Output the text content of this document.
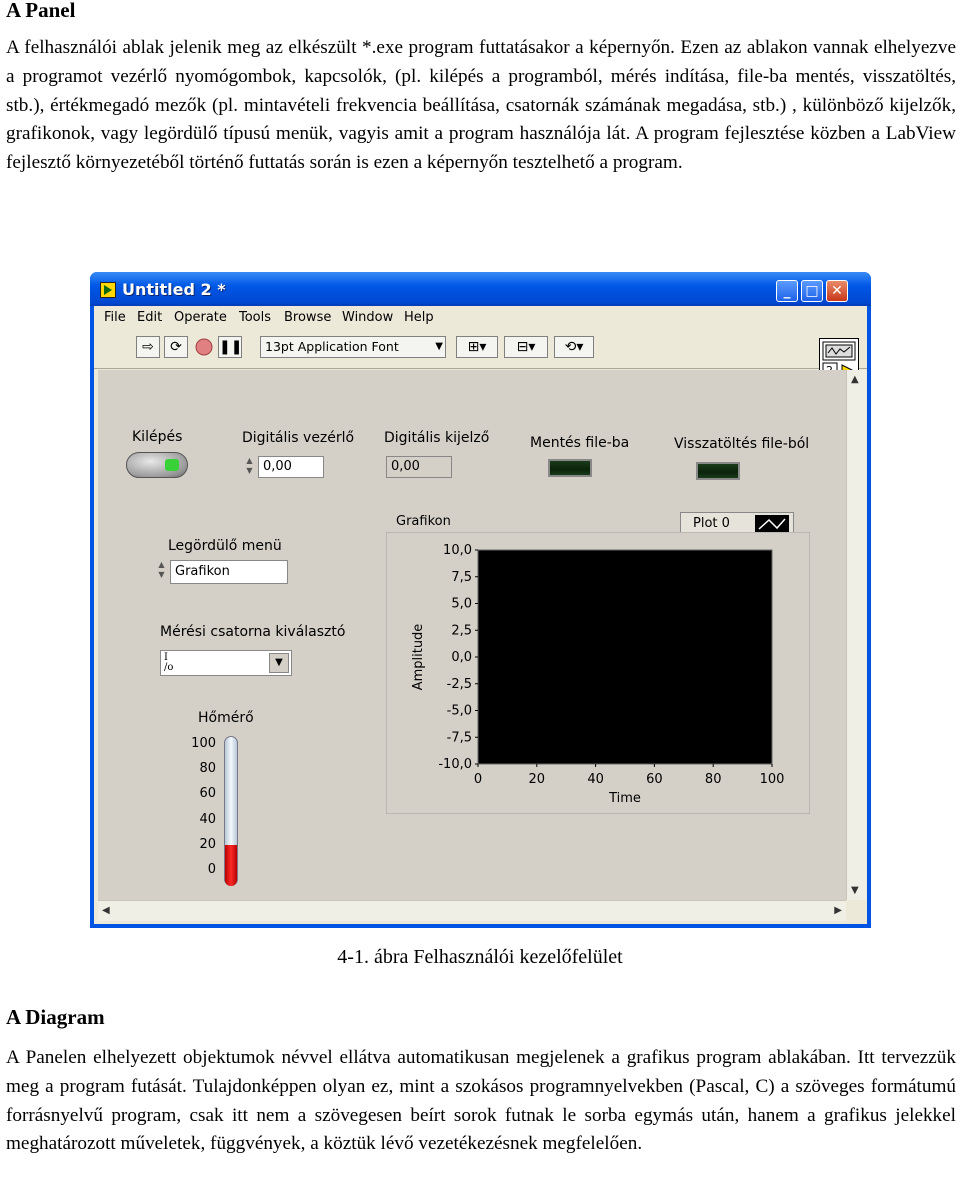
A Panel
A felhasználói ablak jelenik meg az elkészült *.exe program futtatásakor a képernyőn. Ezen az ablakon vannak elhelyezve a programot vezérlő nyomógombok, kapcsolók, (pl. kilépés a programból, mérés indítása, file-ba mentés, visszatöltés, stb.), értékmegadó mezők (pl. mintavételi frekvencia beállítása, csatornák számának megadása, stb.) , különböző kijelzők, grafikonok, vagy legördülő típusú menük, vagyis amit a program használója lát. A program fejlesztése közben a LabView fejlesztő környezetéből történő futtatás során is ezen a képernyőn tesztelhető a program.
Untitled 2 *	_	□ ✕
File Edit Operate Tools Browse Window Help
⇨	⟳	❚❚	13pt Application Font	▼	⊞▾	⊟▾	⟲▾
Kilépés	Digitális vezérlő
▲
▼ 0,00
Digitális kijelző
0,00
Mentés file-ba	Visszatöltés file-ból
Legördülő menü
▲
▼ Grafikon
Mérési csatorna kiválasztó
I
/o	▼
Hőmérő
100
80
60
40
20
0
Grafikon	Plot 0
10,0
7,5
5,0
2,5
0,0
-2,5
-5,0
-7,5
-10,0
0	20	40	60	80	100
Time
Amplitude
▲
▼
◀	▶
4-1. ábra Felhasználói kezelőfelület
A Diagram
A Panelen elhelyezett objektumok névvel ellátva automatikusan megjelenek a grafikus program ablakában. Itt tervezzük meg a program futását. Tulajdonképpen olyan ez, mint a szokásos programnyelvekben (Pascal, C) a szöveges formátumú forrásnyelvű program, csak itt nem a szövegesen beírt sorok futnak le sorba egymás után, hanem a grafikus jelekkel meghatározott műveletek, függvények, a köztük lévő vezetékezésnek megfelelően.
